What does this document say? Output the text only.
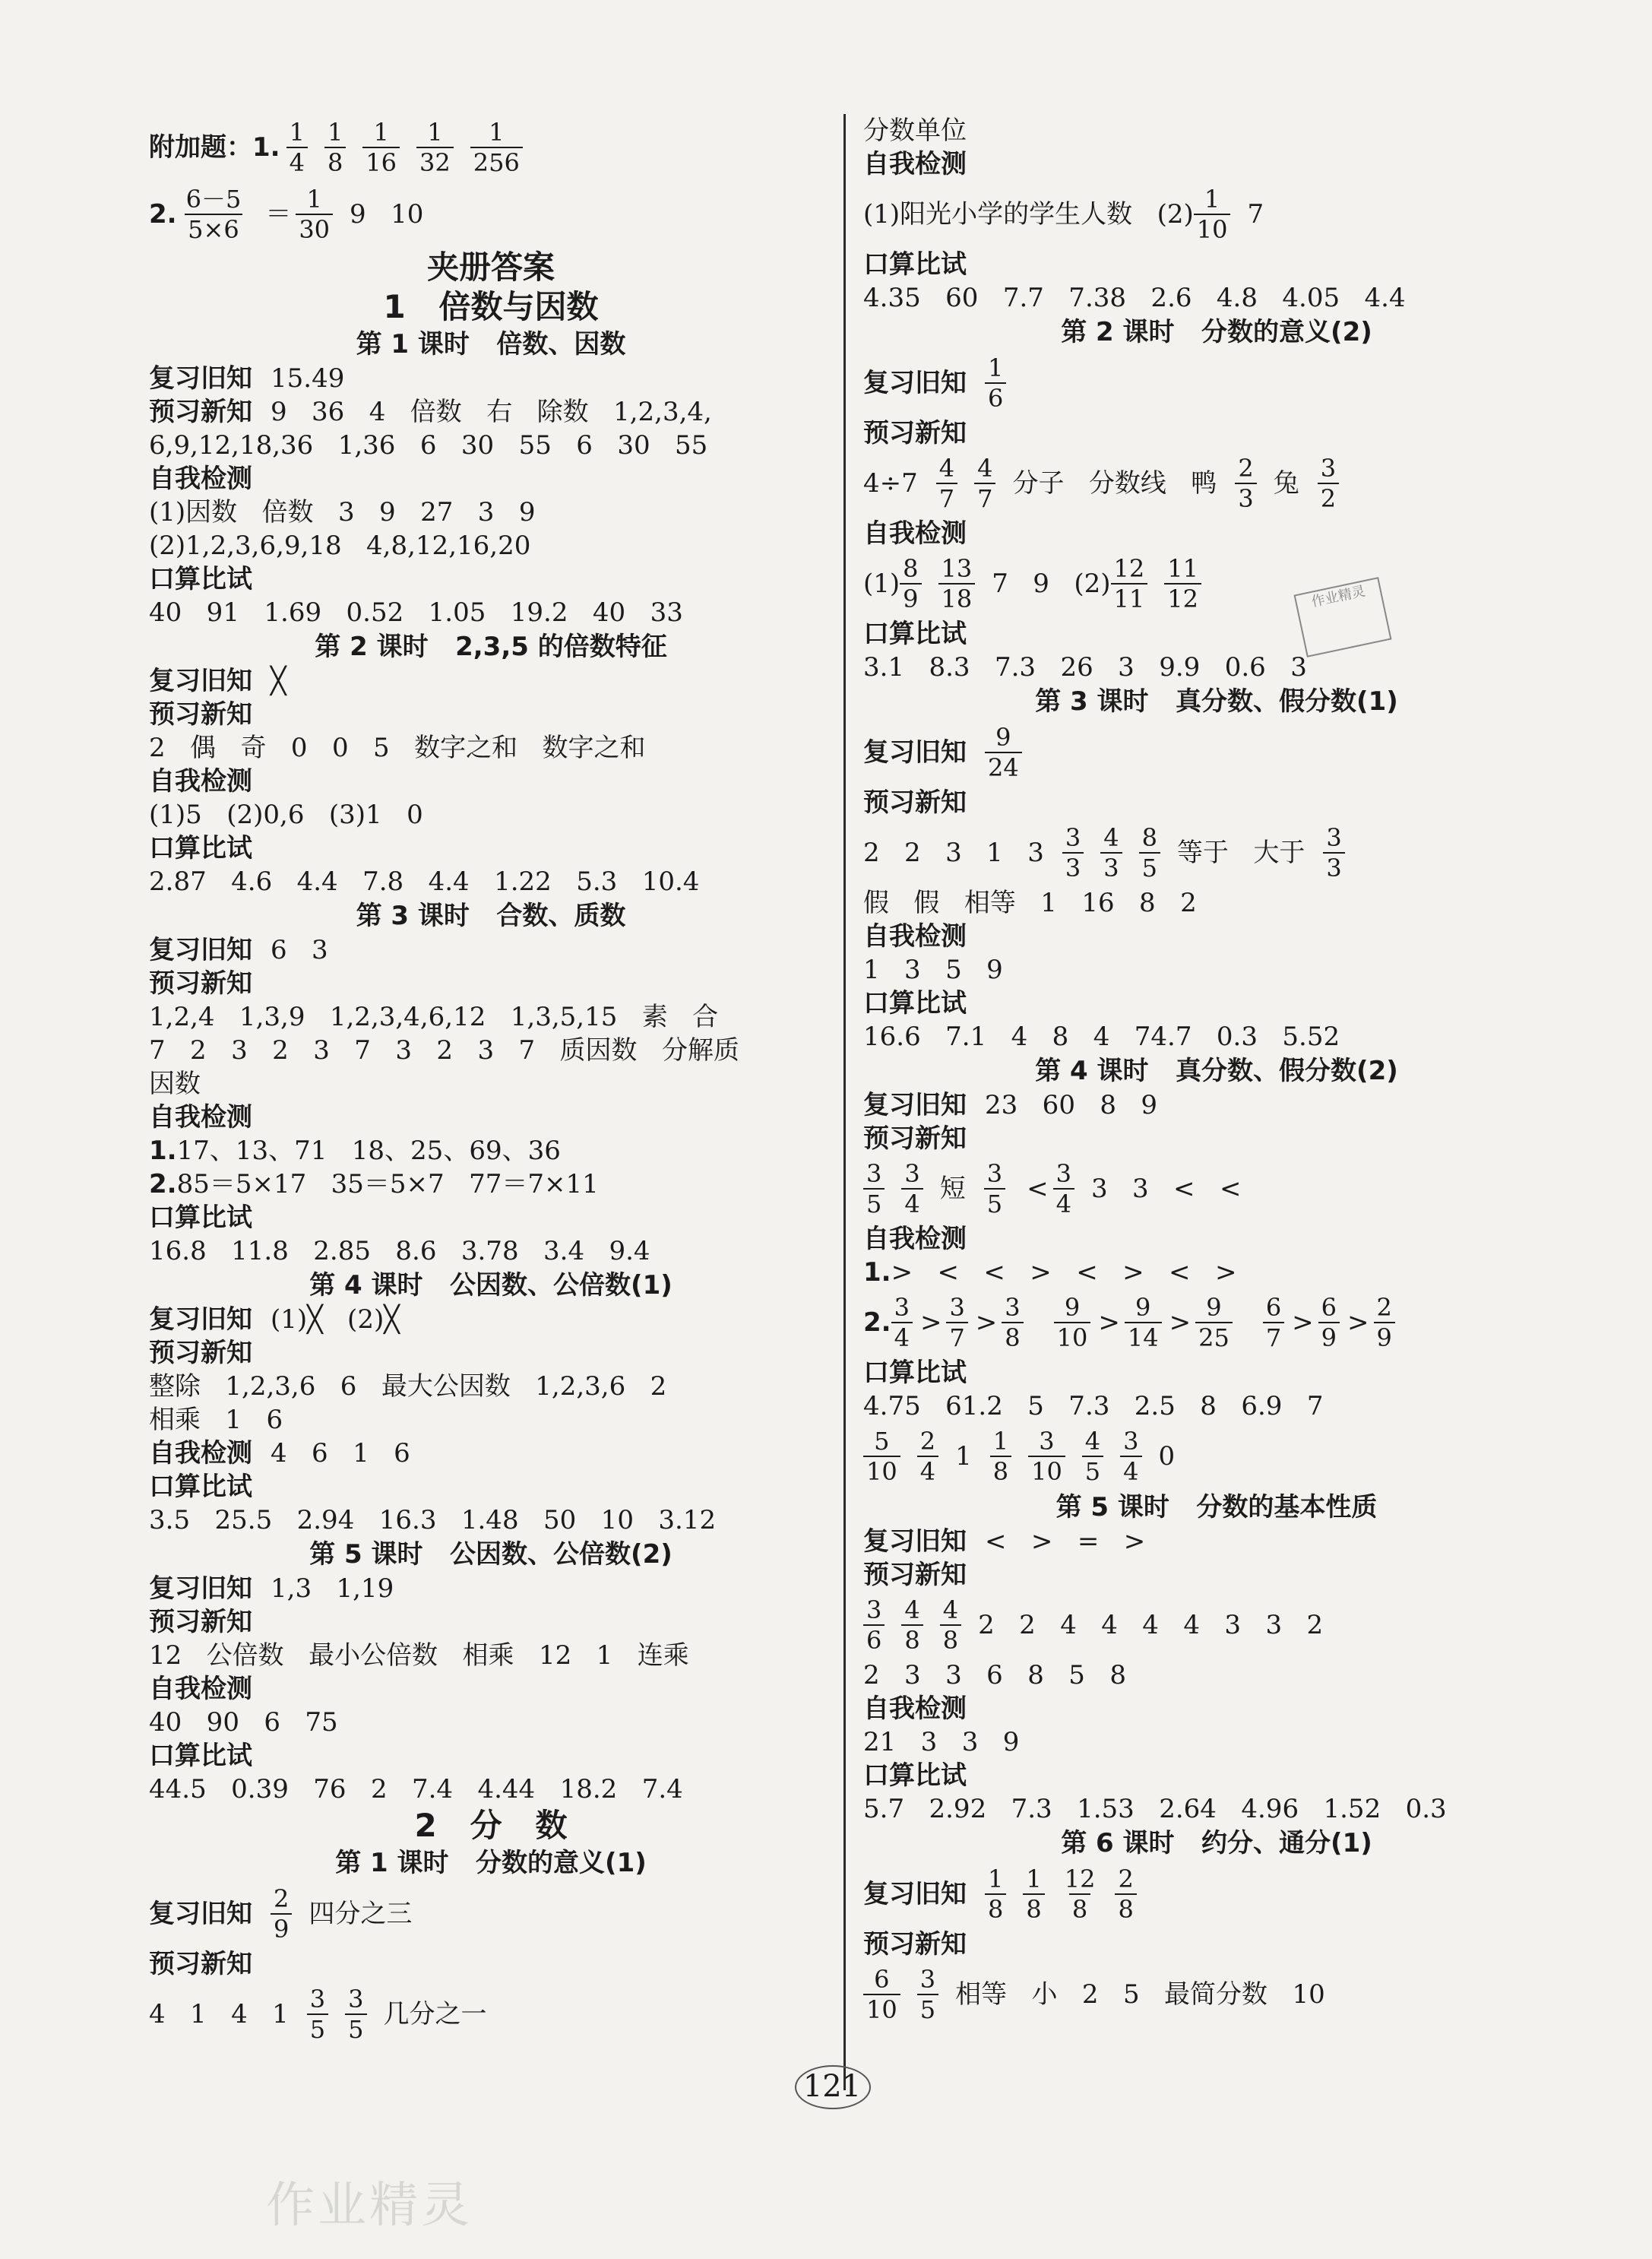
附加题： 1. $\frac{1}{4} \frac{1}{8} \frac{1}{16} \frac{1}{32} \frac{1}{256}$
2. $\frac{6-5}{5\times 6} = \frac{1}{30} 9$   10
夹册答案
1   倍数与因数
第 1 课时   倍数、因数
复习旧知 15.49
预习新知 9   36   4   倍数   右   除数   1,2,3,4,
6,9,12,18,36   1,36   6   30   55   6   30   55
自我检测
(1)因数   倍数   3   9   27   3   9
(2)1,2,3,6,9,18   4,8,12,16,20
口算比试
40   91   1.69   0.52   1.05   19.2   40   33
第 2 课时   2,3,5 的倍数特征
复习旧知 ╳
预习新知
2   偶   奇   0   0   5   数字之和   数字之和
自我检测
(1)5   (2)0,6   (3)1   0
口算比试
2.87   4.6   4.4   7.8   4.4   1.22   5.3   10.4
第 3 课时   合数、质数
复习旧知 6   3
预习新知
1,2,4   1,3,9   1,2,3,4,6,12   1,3,5,15   素   合
7   2   3   2   3   7   3   2   3   7   质因数   分解质
因数
自我检测
1. 17、13、71   18、25、69、36
2. 85＝5×17   35＝5×7   77＝7×11
口算比试
16.8   11.8   2.85   8.6   3.78   3.4   9.4
第 4 课时   公因数、公倍数(1)
复习旧知 (1)╳   (2)╳
预习新知
整除   1,2,3,6   6   最大公因数   1,2,3,6   2
相乘   1   6
自我检测 4   6   1   6
口算比试
3.5   25.5   2.94   16.3   1.48   50   10   3.12
第 5 课时   公因数、公倍数(2)
复习旧知 1,3   1,19
预习新知
12   公倍数   最小公倍数   相乘   12   1   连乘
自我检测
40   90   6   75
口算比试
44.5   0.39   76   2   7.4   4.44   18.2   7.4
2   分   数
第 1 课时   分数的意义(1)
复习旧知 $\frac{2}{9}$ 四分之三
预习新知
4   1   4   $1 \frac{3}{5} \frac{3}{5}$ 几分之一
分数单位
自我检测
(1)阳光小学的学生人数   $(2) \frac{1}{10} 7$
口算比试
4.35   60   7.7   7.38   2.6   4.8   4.05   4.4
第 2 课时   分数的意义(2)
复习旧知 $\frac{1}{6}$
预习新知
$4\div 7 \frac{4}{7} \frac{4}{7}$ 分子   分数线   鸭 $\frac{2}{3}$ 兔 $\frac{3}{2}$
自我检测
$(1) \frac{8}{9} \frac{13}{18} 7$   9   $(2) \frac{12}{11} \frac{11}{12}$
口算比试
3.1   8.3   7.3   26   3   9.9   0.6   3
第 3 课时   真分数、假分数(1)
复习旧知 $\frac{9}{24}$
预习新知
2   2   3   1   $3 \frac{3}{3} \frac{4}{3} \frac{8}{5}$ 等于   大于 $\frac{3}{3}$
假   假   相等   1   16   8   2
自我检测
1   3   5   9
口算比试
16.6   7.1   4   8   4   74.7   0.3   5.52
第 4 课时   真分数、假分数(2)
复习旧知 23   60   8   9
预习新知
$\frac{3}{5} \frac{3}{4}$ 短 $\frac{3}{5} < \frac{3}{4} 3$   3   <   <
自我检测
1. >   <   <   >   <   >   <   >
2. $\frac{3}{4} > \frac{3}{7} > \frac{3}{8} \frac{9}{10} > \frac{9}{14} > \frac{9}{25} \frac{6}{7} > \frac{6}{9} > \frac{2}{9}$
口算比试
4.75   61.2   5   7.3   2.5   8   6.9   7
$\frac{5}{10} \frac{2}{4} 1 \frac{1}{8} \frac{3}{10} \frac{4}{5} \frac{3}{4} 0$
第 5 课时   分数的基本性质
复习旧知 <   >   =   >
预习新知
$\frac{3}{6} \frac{4}{8} \frac{4}{8} 2$   2   4   4   4   4   3   3   2
2   3   3   6   8   5   8
自我检测
21   3   3   9
口算比试
5.7   2.92   7.3   1.53   2.64   4.96   1.52   0.3
第 6 课时   约分、通分(1)
复习旧知 $\frac{1}{8} \frac{1}{8} \frac{12}{8} \frac{2}{8}$
预习新知
$\frac{6}{10} \frac{3}{5}$ 相等   小   2   5   最简分数   10
作业精灵
121
作业精灵
